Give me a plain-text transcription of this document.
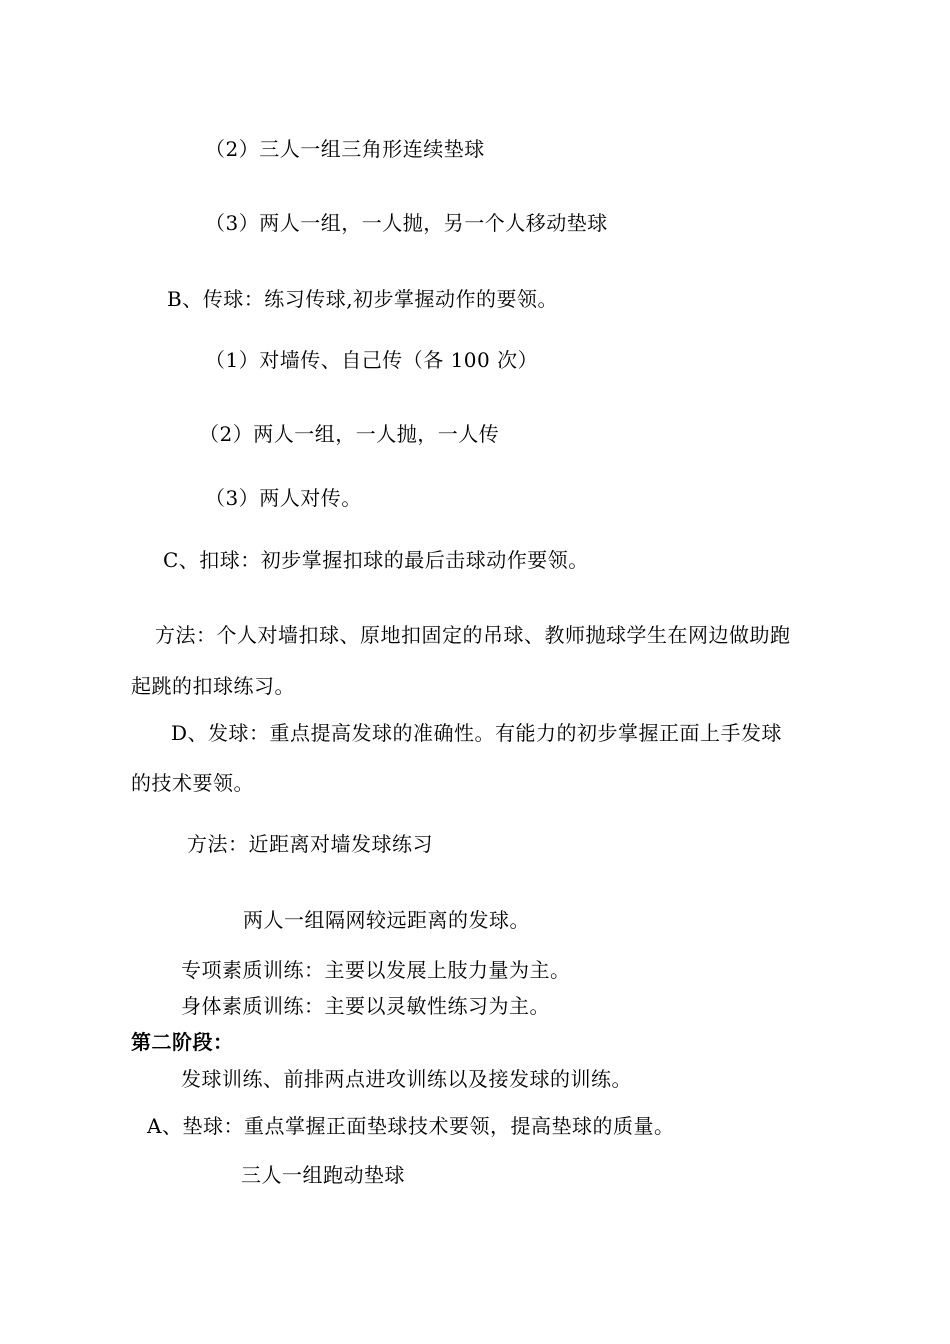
（2）三人一组三角形连续垫球
（3）两人一组，一人抛，另一个人移动垫球
B、传球：练习传球,初步掌握动作的要领。
（1）对墙传、自己传（各 100 次）
（2）两人一组，一人抛，一人传
（3）两人对传。
C、扣球：初步掌握扣球的最后击球动作要领。
方法：个人对墙扣球、原地扣固定的吊球、教师抛球学生在网边做助跑
起跳的扣球练习。
D、发球：重点提高发球的准确性。有能力的初步掌握正面上手发球
的技术要领。
方法：近距离对墙发球练习
两人一组隔网较远距离的发球。
专项素质训练：主要以发展上肢力量为主。
身体素质训练：主要以灵敏性练习为主。
第二阶段：
发球训练、前排两点进攻训练以及接发球的训练。
A、垫球：重点掌握正面垫球技术要领，提高垫球的质量。
三人一组跑动垫球
